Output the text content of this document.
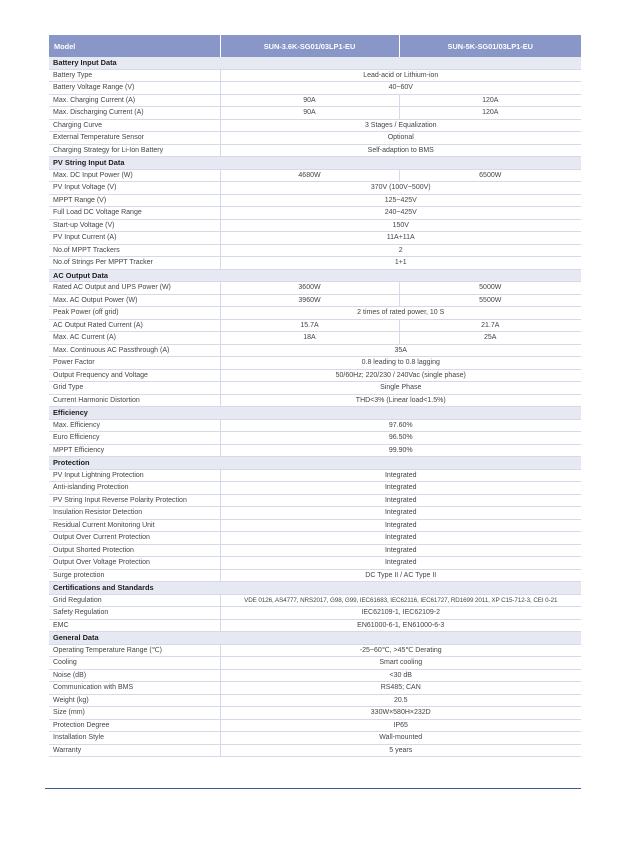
Model	SUN-3.6K-SG01/03LP1-EU	SUN-5K-SG01/03LP1-EU
Battery Input Data		
Battery Type	Lead-acid or Lithium-ion	
Battery Voltage Range (V)	40~60V	
Max. Charging Current (A)	90A	120A
Max. Discharging Current (A)	90A	120A
Charging Curve	3 Stages / Equalization	
External Temperature Sensor	Optional	
Charging Strategy for Li-Ion Battery	Self-adaption to BMS	
PV String Input Data		
Max. DC Input Power (W)	4680W	6500W
PV Input Voltage (V)	370V (100V~500V)	
MPPT Range (V)	125~425V	
Full Load DC Voltage Range	240~425V	
Start-up Voltage (V)	150V	
PV Input Current (A)	11A+11A	
No.of MPPT Trackers	2	
No.of Strings Per MPPT Tracker	1+1	
AC Output Data		
Rated AC Output and UPS Power (W)	3600W	5000W
Max. AC Output Power (W)	3960W	5500W
Peak Power (off grid)	2 times of rated power, 10 S	
AC Output Rated Current (A)	15.7A	21.7A
Max. AC Current (A)	18A	25A
Max. Continuous AC Passthrough (A)	35A	
Power Factor	0.8 leading to 0.8 lagging	
Output Frequency and Voltage	50/60Hz; 220/230 / 240Vac (single phase)	
Grid Type	Single Phase	
Current Harmonic Distortion	THD<3% (Linear load<1.5%)	
Efficiency		
Max. Efficiency	97.60%	
Euro Efficiency	96.50%	
MPPT Efficiency	99.90%	
Protection		
PV Input Lightning Protection	Integrated	
Anti-islanding Protection	Integrated	
PV String Input Reverse Polarity Protection	Integrated	
Insulation Resistor Detection	Integrated	
Residual Current Monitoring Unit	Integrated	
Output Over Current Protection	Integrated	
Output Shorted Protection	Integrated	
Output Over Voltage Protection	Integrated	
Surge protection	DC Type II / AC Type II	
Certifications and Standards		
Grid Regulation	VDE 0126, AS4777, NRS2017, G98, G99, IEC61683, IEC62116, IEC61727, RD1699 2011, XP C15-712-3, CEI 0-21	
Safety Regulation	IEC62109-1, IEC62109-2	
EMC	EN61000-6-1, EN61000-6-3	
General Data		
Operating Temperature Range (℃)	-25~60℃, >45℃ Derating	
Cooling	Smart cooling	
Noise (dB)	<30 dB	
Communication with BMS	RS485; CAN	
Weight (kg)	20.5	
Size (mm)	330W×580H×232D	
Protection Degree	IP65	
Installation Style	Wall-mounted	
Warranty	5 years	
